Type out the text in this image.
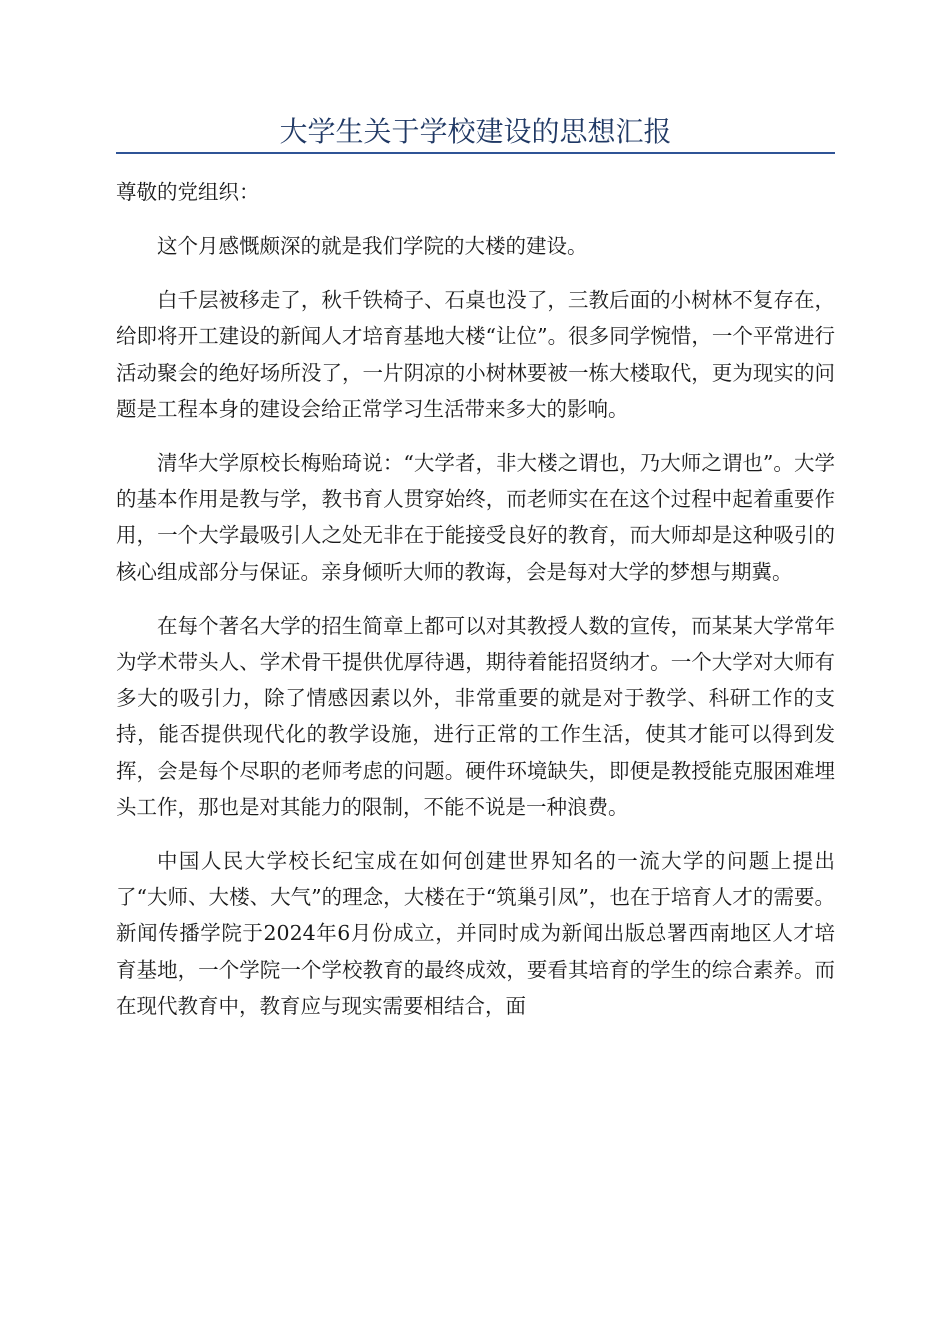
大学生关于学校建设的思想汇报

尊敬的党组织：

这个月感慨颇深的就是我们学院的大楼的建设。

白千层被移走了，秋千铁椅子、石桌也没了，三教后面的小树林不复存在，给即将开工建设的新闻人才培育基地大楼“让位”。很多同学惋惜，一个平常进行活动聚会的绝好场所没了，一片阴凉的小树林要被一栋大楼取代，更为现实的问题是工程本身的建设会给正常学习生活带来多大的影响。

清华大学原校长梅贻琦说：“大学者，非大楼之谓也，乃大师之谓也”。大学的基本作用是教与学，教书育人贯穿始终，而老师实在在这个过程中起着重要作用，一个大学最吸引人之处无非在于能接受良好的教育，而大师却是这种吸引的核心组成部分与保证。亲身倾听大师的教诲，会是每对大学的梦想与期冀。

在每个著名大学的招生简章上都可以对其教授人数的宣传，而某某大学常年为学术带头人、学术骨干提供优厚待遇，期待着能招贤纳才。一个大学对大师有多大的吸引力，除了情感因素以外，非常重要的就是对于教学、科研工作的支持，能否提供现代化的教学设施，进行正常的工作生活，使其才能可以得到发挥，会是每个尽职的老师考虑的问题。硬件环境缺失，即便是教授能克服困难埋头工作，那也是对其能力的限制，不能不说是一种浪费。

中国人民大学校长纪宝成在如何创建世界知名的一流大学的问题上提出了“大师、大楼、大气”的理念，大楼在于“筑巢引凤”，也在于培育人才的需要。新闻传播学院于2024年6月份成立，并同时成为新闻出版总署西南地区人才培育基地，一个学院一个学校教育的最终成效，要看其培育的学生的综合素养。而在现代教育中，教育应与现实需要相结合，面
